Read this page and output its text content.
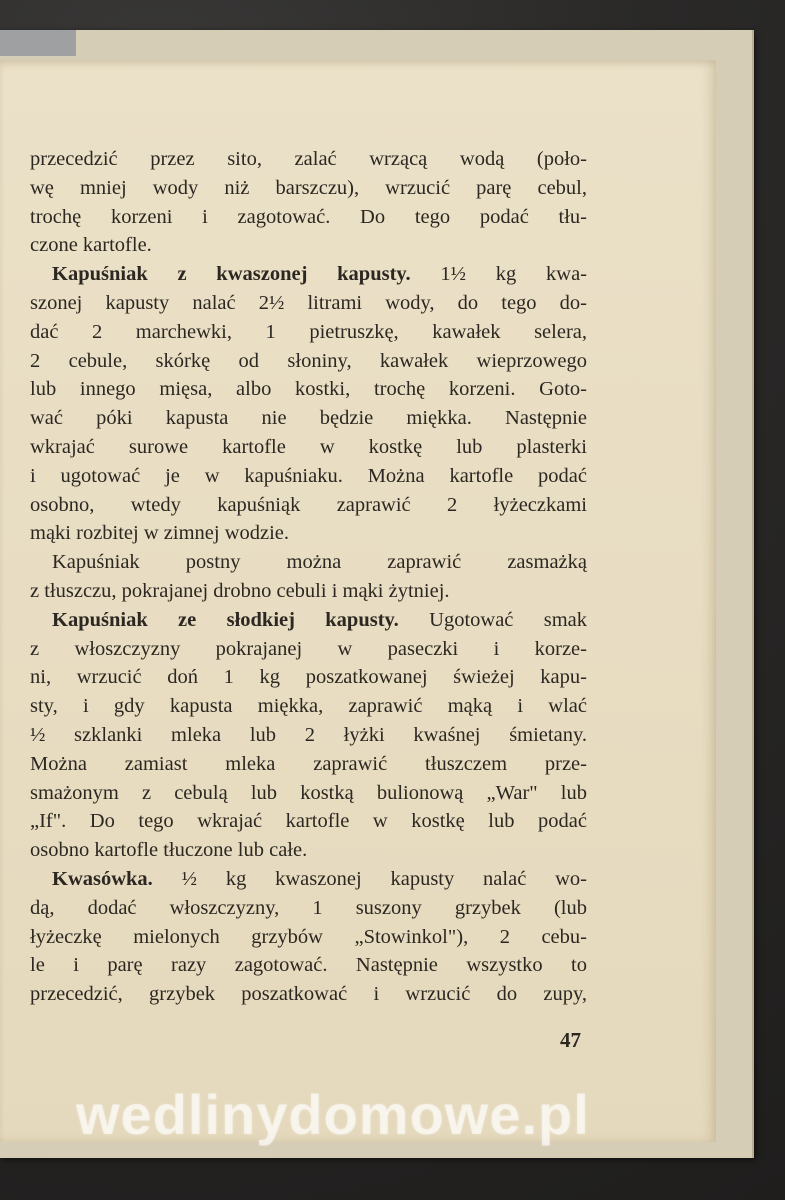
przecedzić przez sito, zalać wrzącą wodą (poło-
wę mniej wody niż barszczu), wrzucić parę cebul,
trochę korzeni i zagotować. Do tego podać tłu-
czone kartofle.
Kapuśniak z kwaszonej kapusty. 1½ kg kwa-
szonej kapusty nalać 2½ litrami wody, do tego do-
dać 2 marchewki, 1 pietruszkę, kawałek selera,
2 cebule, skórkę od słoniny, kawałek wieprzowego
lub innego mięsa, albo kostki, trochę korzeni. Goto-
wać póki kapusta nie będzie miękka. Następnie
wkrajać surowe kartofle w kostkę lub plasterki
i ugotować je w kapuśniaku. Można kartofle podać
osobno, wtedy kapuśniąk zaprawić 2 łyżeczkami
mąki rozbitej w zimnej wodzie.
Kapuśniak postny można zaprawić zasmażką
z tłuszczu, pokrajanej drobno cebuli i mąki żytniej.
Kapuśniak ze słodkiej kapusty. Ugotować smak
z włoszczyzny pokrajanej w paseczki i korze-
ni, wrzucić doń 1 kg poszatkowanej świeżej kapu-
sty, i gdy kapusta miękka, zaprawić mąką i wlać
½ szklanki mleka lub 2 łyżki kwaśnej śmietany.
Można zamiast mleka zaprawić tłuszczem prze-
smażonym z cebulą lub kostką bulionową „War" lub
„If". Do tego wkrajać kartofle w kostkę lub podać
osobno kartofle tłuczone lub całe.
Kwasówka. ½ kg kwaszonej kapusty nalać wo-
dą, dodać włoszczyzny, 1 suszony grzybek (lub
łyżeczkę mielonych grzybów „Stowinkol"), 2 cebu-
le i parę razy zagotować. Następnie wszystko to
przecedzić, grzybek poszatkować i wrzucić do zupy,
47
wedlinydomowe.pl
